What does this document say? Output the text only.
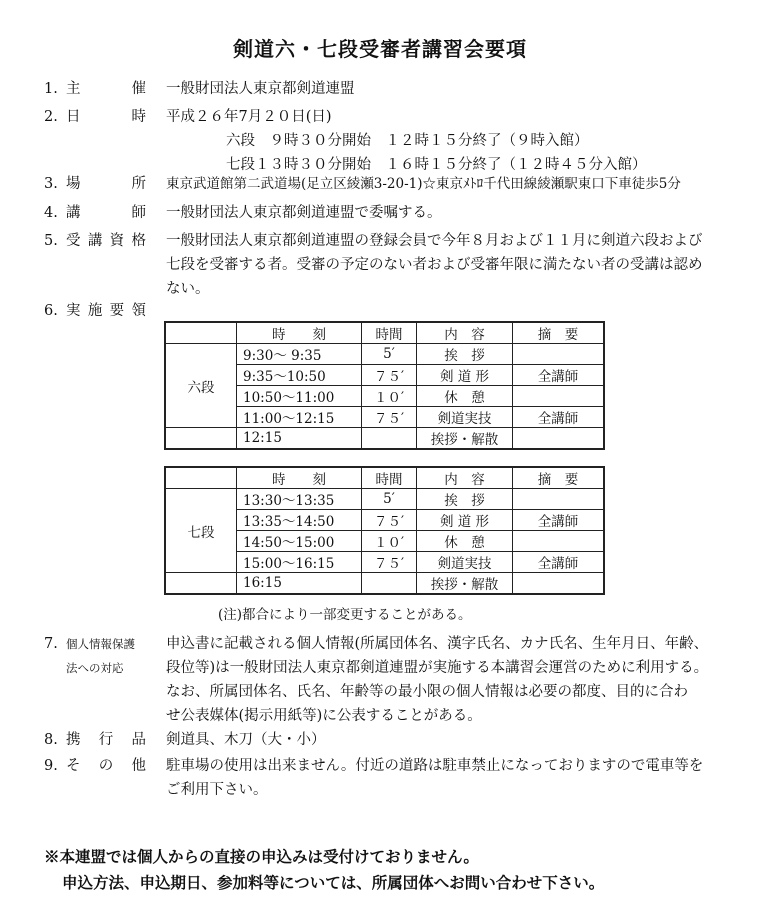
剣道六・七段受審者講習会要項
1. 主	催 一般財団法人東京都剣道連盟
2. 日	時 平成２６年7月２０日(日)
六段　９時３０分開始　１２時１５分終了（９時入館）
七段１３時３０分開始　１６時１５分終了（１２時４５分入館）
3. 場	所 東京武道館第二武道場(足立区綾瀬3-20-1)☆東京ﾒﾄﾛ千代田線綾瀬駅東口下車徒歩5分
4. 講	師 一般財団法人東京都剣道連盟で委嘱する。
5. 受 講 資 格 一般財団法人東京都剣道連盟の登録会員で今年８月および１１月に剣道六段および
七段を受審する者。受審の予定のない者および受審年限に満たない者の受講は認め
ない。
6. 実 施 要 領
	時　　刻	時間	内　容	摘　要
六段	9:30〜 9:35	5′	挨　拶	
	9:35〜10:50	７５′	剣 道 形	全講師
	10:50〜11:00	１０′	休　憩	
	11:00〜12:15	７５′	剣道実技	全講師
	12:15		挨拶・解散	
	時　　刻	時間	内　容	摘　要
七段	13:30〜13:35	5′	挨　拶	
	13:35〜14:50	７５′	剣 道 形	全講師
	14:50〜15:00	１０′	休　憩	
	15:00〜16:15	７５′	剣道実技	全講師
	16:15		挨拶・解散	
(注)都合により一部変更することがある。
7. 個人情報保護
法への対応
申込書に記載される個人情報(所属団体名、漢字氏名、カナ氏名、生年月日、年齢、
段位等)は一般財団法人東京都剣道連盟が実施する本講習会運営のために利用する。
なお、所属団体名、氏名、年齢等の最小限の個人情報は必要の都度、目的に合わ
せ公表媒体(掲示用紙等)に公表することがある。
8. 携 行 品 剣道具、木刀（大・小）
9. そ の 他 駐車場の使用は出来ません。付近の道路は駐車禁止になっておりますので電車等を
ご利用下さい。
※本連盟では個人からの直接の申込みは受付けておりません。
申込方法、申込期日、参加料等については、所属団体へお問い合わせ下さい。
